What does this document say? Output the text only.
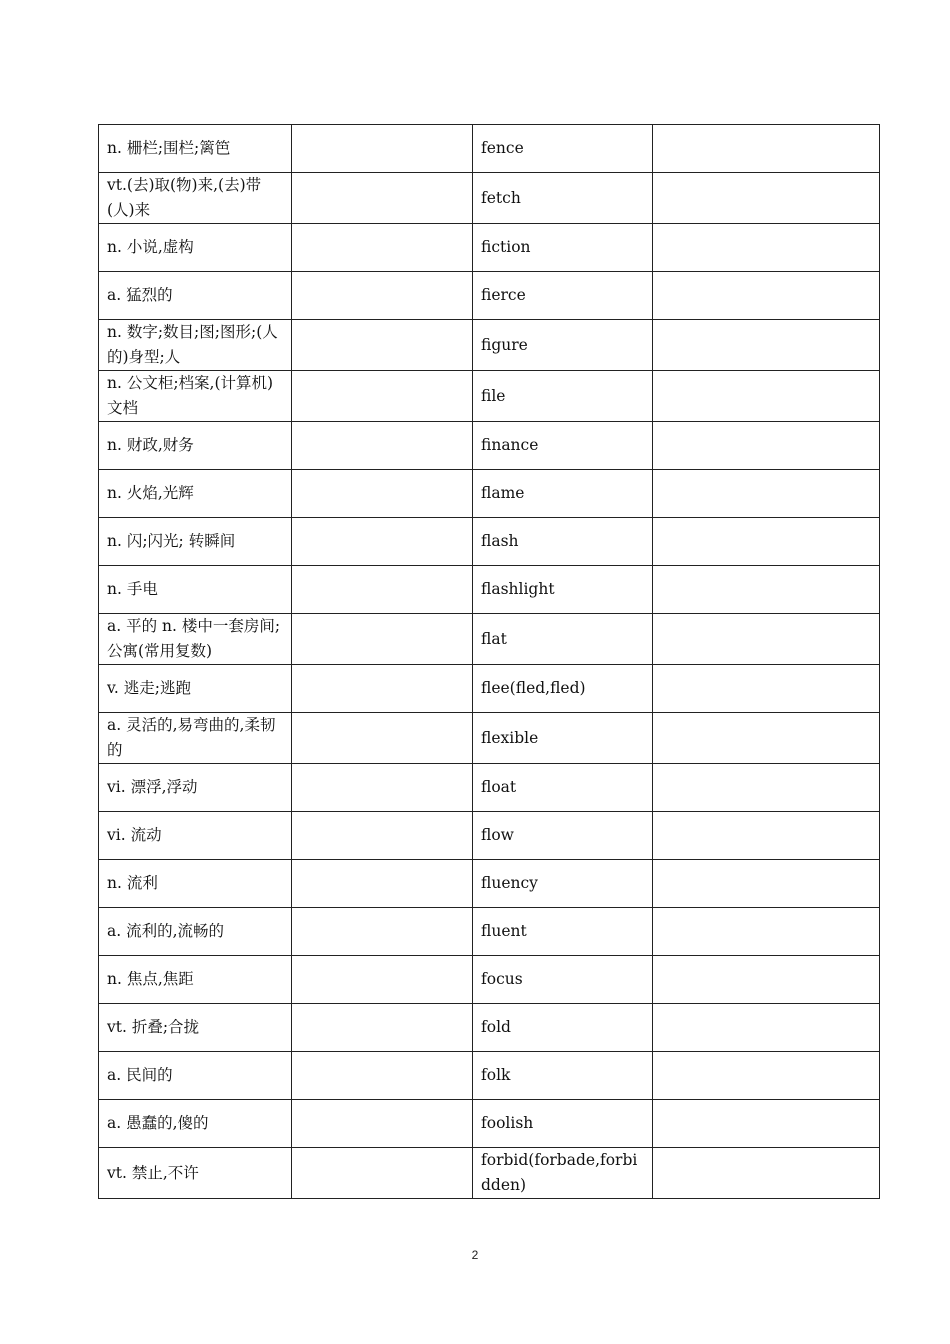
n. 栅栏;围栏;篱笆		fence	
vt.(去)取(物)来,(去)带(人)来		fetch	
n. 小说,虚构		fiction	
a. 猛烈的		fierce	
n. 数字;数目;图;图形;(人的)身型;人		figure	
n. 公文柜;档案,(计算机)文档		file	
n. 财政,财务		finance	
n. 火焰,光辉		flame	
n. 闪;闪光; 转瞬间		flash	
n. 手电		flashlight	
a. 平的 n. 楼中一套房间;公寓(常用复数)		flat	
v. 逃走;逃跑		flee(fled,fled)	
a. 灵活的,易弯曲的,柔韧的		flexible	
vi. 漂浮,浮动		float	
vi. 流动		flow	
n. 流利		fluency	
a. 流利的,流畅的		fluent	
n. 焦点,焦距		focus	
vt. 折叠;合拢		fold	
a. 民间的		folk	
a. 愚蠢的,傻的		foolish	
vt. 禁止,不许		forbid(forbade,forbidden)	
2
